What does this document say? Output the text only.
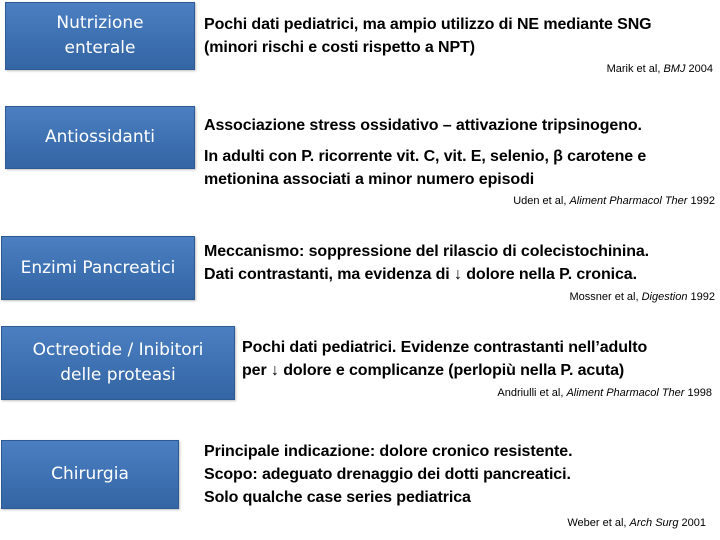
Nutrizione
enterale
Pochi dati pediatrici, ma ampio utilizzo di NE mediante SNG
(minori rischi e costi rispetto a NPT)
Marik et al, BMJ 2004
Antiossidanti
Associazione stress ossidativo – attivazione tripsinogeno.
In adulti con P. ricorrente vit. C, vit. E, selenio, β carotene e
metionina associati a minor numero episodi
Uden et al, Aliment Pharmacol Ther 1992
Enzimi Pancreatici
Meccanismo: soppressione del rilascio di colecistochinina.
Dati contrastanti, ma evidenza di ↓ dolore nella P. cronica.
Mossner et al, Digestion 1992
Octreotide / Inibitori
delle proteasi
Pochi dati pediatrici. Evidenze contrastanti nell’adulto
per ↓ dolore e complicanze (perlopiù nella P. acuta)
Andriulli et al, Aliment Pharmacol Ther 1998
Chirurgia
Principale indicazione: dolore cronico resistente.
Scopo: adeguato drenaggio dei dotti pancreatici.
Solo qualche case series pediatrica
Weber et al, Arch Surg 2001
